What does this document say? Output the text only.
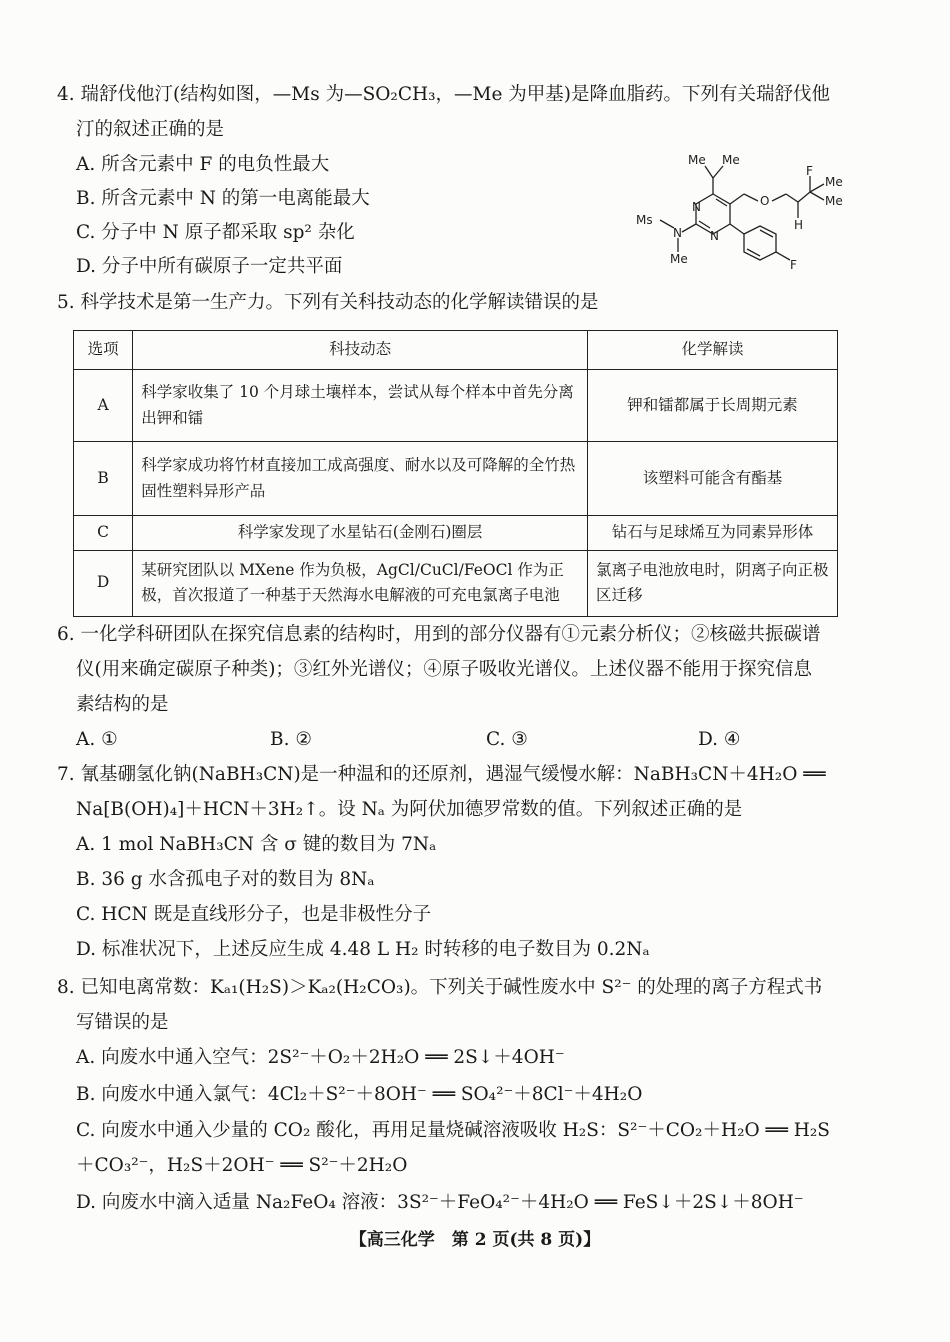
4. 瑞舒伐他汀(结构如图，—Ms 为—SO₂CH₃，—Me 为甲基)是降血脂药。下列有关瑞舒伐他
汀的叙述正确的是
A. 所含元素中 F 的电负性最大
B. 所含元素中 N 的第一电离能最大
C. 分子中 N 原子都采取 sp² 杂化
D. 分子中所有碳原子一定共平面
Me Me
O
F
Me
Me
H
Ms
N
N
N
Me	F
5. 科学技术是第一生产力。下列有关科技动态的化学解读错误的是
选项	科技动态	化学解读
A	科学家收集了 10 个月球土壤样本，尝试从每个样本中首先分离出钾和镭	钾和镭都属于长周期元素
B	科学家成功将竹材直接加工成高强度、耐水以及可降解的全竹热固性塑料异形产品	该塑料可能含有酯基
C	科学家发现了水星钻石(金刚石)圈层	钻石与足球烯互为同素异形体
D	某研究团队以 MXene 作为负极，AgCl/CuCl/FeOCl 作为正极，首次报道了一种基于天然海水电解液的可充电氯离子电池	氯离子电池放电时，阴离子向正极区迁移
6. 一化学科研团队在探究信息素的结构时，用到的部分仪器有①元素分析仪；②核磁共振碳谱
仪(用来确定碳原子种类)；③红外光谱仪；④原子吸收光谱仪。上述仪器不能用于探究信息
素结构的是
A. ①	B. ②	C. ③	D. ④
7. 氰基硼氢化钠(NaBH₃CN)是一种温和的还原剂，遇湿气缓慢水解：NaBH₃CN＋4H₂O ══
Na[B(OH)₄]＋HCN＋3H₂↑。设 Nₐ 为阿伏加德罗常数的值。下列叙述正确的是
A. 1 mol NaBH₃CN 含 σ 键的数目为 7Nₐ
B. 36 g 水含孤电子对的数目为 8Nₐ
C. HCN 既是直线形分子，也是非极性分子
D. 标准状况下，上述反应生成 4.48 L H₂ 时转移的电子数目为 0.2Nₐ
8. 已知电离常数：Kₐ₁(H₂S)＞Kₐ₂(H₂CO₃)。下列关于碱性废水中 S²⁻ 的处理的离子方程式书
写错误的是
A. 向废水中通入空气：2S²⁻＋O₂＋2H₂O ══ 2S↓＋4OH⁻
B. 向废水中通入氯气：4Cl₂＋S²⁻＋8OH⁻ ══ SO₄²⁻＋8Cl⁻＋4H₂O
C. 向废水中通入少量的 CO₂ 酸化，再用足量烧碱溶液吸收 H₂S：S²⁻＋CO₂＋H₂O ══ H₂S
＋CO₃²⁻，H₂S＋2OH⁻ ══ S²⁻＋2H₂O
D. 向废水中滴入适量 Na₂FeO₄ 溶液：3S²⁻＋FeO₄²⁻＋4H₂O ══ FeS↓＋2S↓＋8OH⁻
【高三化学　第 2 页(共 8 页)】
